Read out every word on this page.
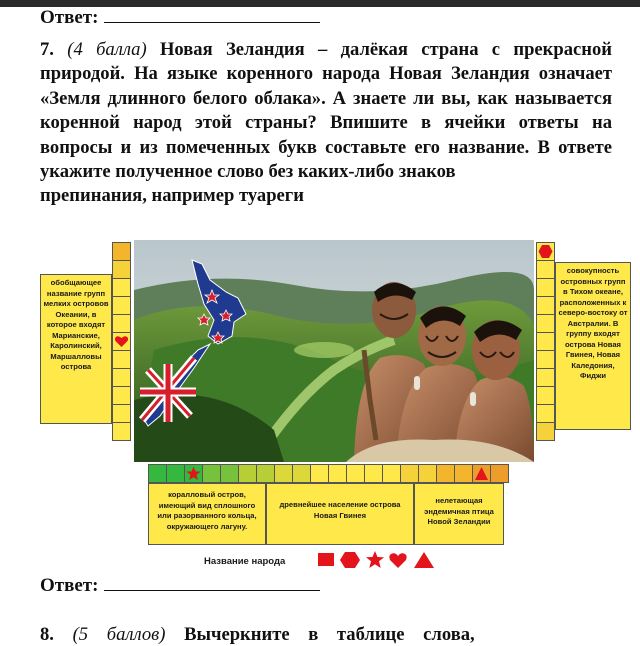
Ответ:
7. (4 балла) Новая Зеландия – далёкая страна с прекрасной природой. На языке коренного народа Новая Зеландия означает «Земля длинного белого облака». А знаете ли вы, как называется коренной народ этой страны? Впишите в ячейки ответы на вопросы и из помеченных букв составьте его название. В ответе укажите полученное слово без каких-либо знаков
препинания, например туареги
обобщающее название групп мелких островов Океании, в которое входят Марианские, Каролинский, Маршалловы острова
совокупность островных групп в Тихом океане, расположенных к северо-востоку от Австралии. В группу входят острова Новая Гвинея, Новая Каледония, Фиджи
коралловый остров, имеющий вид сплошного или разорванного кольца, окружающего лагуну.
древнейшее население острова Новая Гвинея
нелетающая эндемичная птица Новой Зеландии
Название народа
Ответ:
8. (5 баллов) Вычеркните в таблице слова,
